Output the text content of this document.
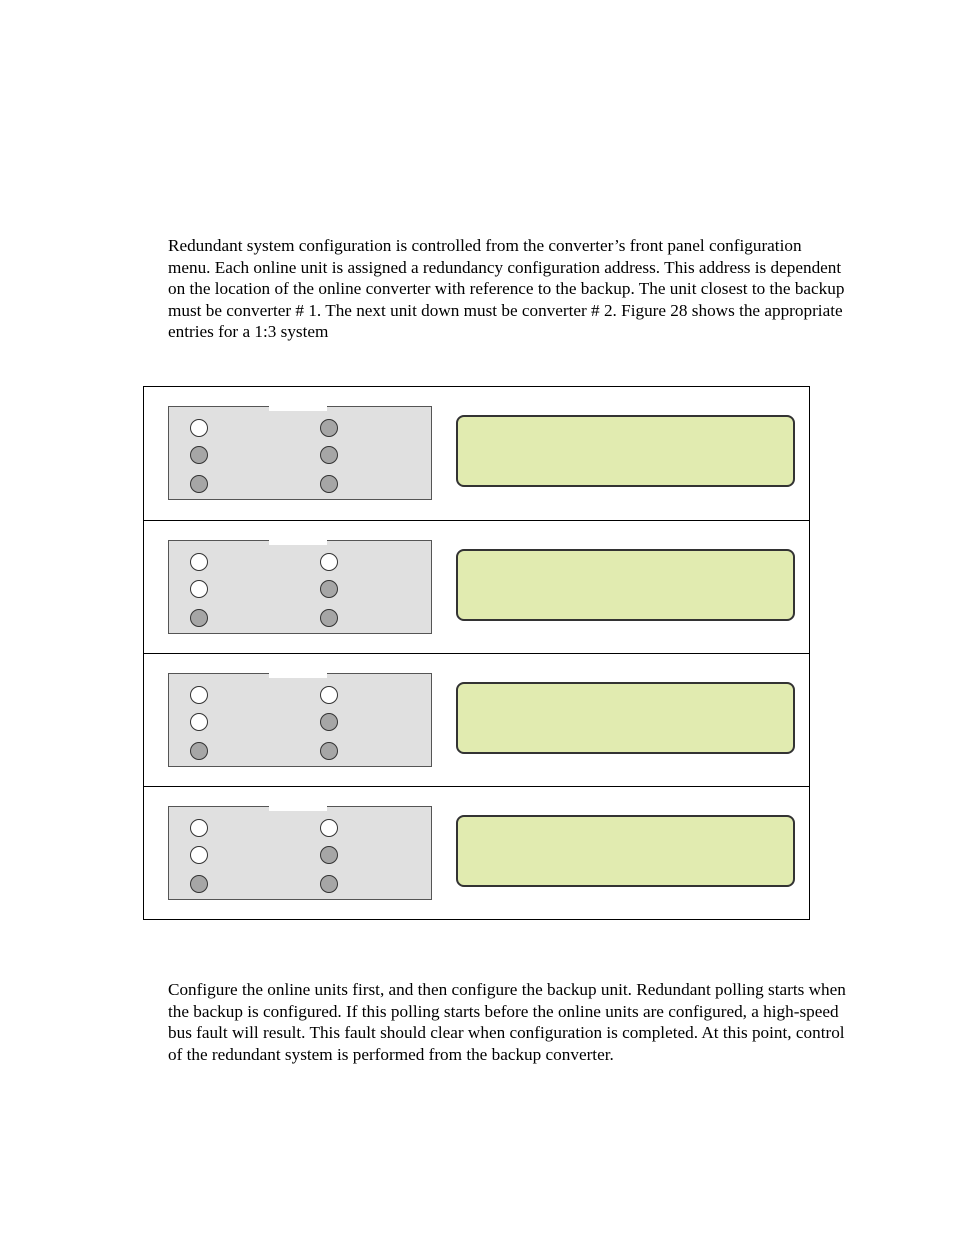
Redundant system configuration is controlled from the converter’s front panel configuration menu. Each online unit is assigned a redundancy configuration address. This address is dependent on the location of the online converter with reference to the backup. The unit closest to the backup must be converter # 1. The next unit down must be converter # 2. Figure 28 shows the appropriate entries for a 1:3 system

Configure the online units first, and then configure the backup unit. Redundant polling starts when the backup is configured. If this polling starts before the online units are configured, a high-speed bus fault will result. This fault should clear when configuration is completed. At this point, control of the redundant system is performed from the backup converter.
